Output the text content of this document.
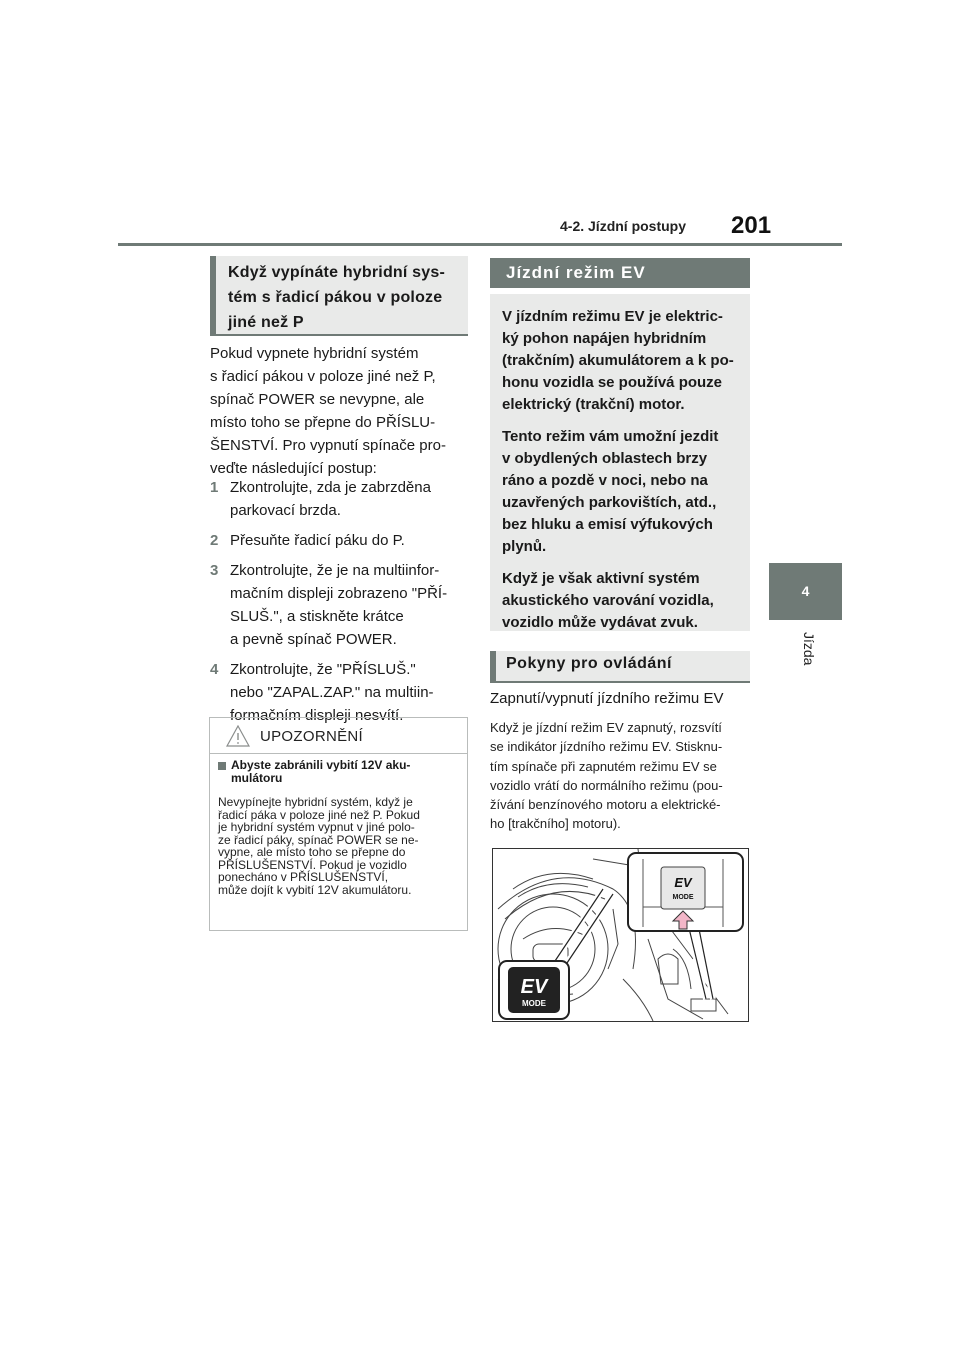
4-2. Jízdní postupy 201
4
Jízda
Když vypínáte hybridní sys-
tém s řadicí pákou v poloze
jiné než P
Pokud vypnete hybridní systém
s řadicí pákou v poloze jiné než P,
spínač POWER se nevypne, ale
místo toho se přepne do PŘÍSLU-
ŠENSTVÍ. Pro vypnutí spínače pro-
veďte následující postup:
1 Zkontrolujte, zda je zabrzděna
parkovací brzda.
2 Přesuňte řadicí páku do P.
3 Zkontrolujte, že je na multiinfor-
mačním displeji zobrazeno "PŘÍ-
SLUŠ.", a stiskněte krátce
a pevně spínač POWER.
4 Zkontrolujte, že "PŘÍSLUŠ."
nebo "ZAPAL.ZAP." na multiin-
formačním displeji nesvítí.
UPOZORNĚNÍ
Abyste zabránili vybití 12V aku-
mulátoru
Nevypínejte hybridní systém, když je
řadicí páka v poloze jiné než P. Pokud
je hybridní systém vypnut v jiné polo-
ze řadicí páky, spínač POWER se ne-
vypne, ale místo toho se přepne do
PŘÍSLUŠENSTVÍ. Pokud je vozidlo
ponecháno v PŘÍSLUŠENSTVÍ,
může dojít k vybití 12V akumulátoru.
Jízdní režim EV

V jízdním režimu EV je elektric-
ký pohon napájen hybridním
(trakčním) akumulátorem a k po-
honu vozidla se používá pouze
elektrický (trakční) motor.

Tento režim vám umožní jezdit
v obydlených oblastech brzy
ráno a pozdě v noci, nebo na
uzavřených parkovištích, atd.,
bez hluku a emisí výfukových
plynů.

Když je však aktivní systém
akustického varování vozidla,
vozidlo může vydávat zvuk.

Pokyny pro ovládání
Zapnutí/vypnutí jízdního režimu EV
Když je jízdní režim EV zapnutý, rozsvítí
se indikátor jízdního režimu EV. Stisknu-
tím spínače při zapnutém režimu EV se
vozidlo vrátí do normálního režimu (pou-
žívání benzínového motoru a elektrické-
ho [trakčního] motoru).
EV
MODE
EV
MODE
